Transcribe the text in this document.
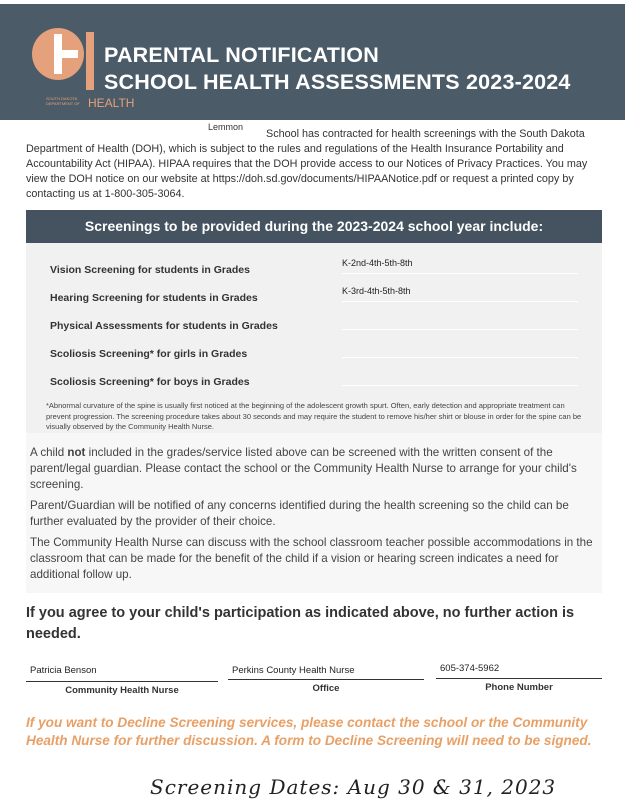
SOUTH DAKOTA DEPARTMENT OF HEALTH
PARENTAL NOTIFICATION
SCHOOL HEALTH ASSESSMENTS 2023-2024
Lemmon

School has contracted for health screenings with the South Dakota Department of Health (DOH), which is subject to the rules and regulations of the Health Insurance Portability and Accountability Act (HIPAA). HIPAA requires that the DOH provide access to our Notices of Privacy Practices. You may view the DOH notice on our website at https://doh.sd.gov/documents/HIPAANotice.pdf or request a printed copy by contacting us at 1-800-305-3064.

Screenings to be provided during the 2023-2024 school year include:
Vision Screening for students in Grades
K-2nd-4th-5th-8th
Hearing Screening for students in Grades
K-3rd-4th-5th-8th
Physical Assessments for students in Grades
Scoliosis Screening* for girls in Grades
Scoliosis Screening* for boys in Grades
*Abnormal curvature of the spine is usually first noticed at the beginning of the adolescent growth spurt. Often, early detection and appropriate treatment can prevent progression. The screening procedure takes about 30 seconds and may require the student to remove his/her shirt or blouse in order for the spine can be visually observed by the Community Health Nurse.
A child not included in the grades/service listed above can be screened with the written consent of the parent/legal guardian. Please contact the school or the Community Health Nurse to arrange for your child's screening.
Parent/Guardian will be notified of any concerns identified during the health screening so the child can be further evaluated by the provider of their choice.
The Community Health Nurse can discuss with the school classroom teacher possible accommodations in the classroom that can be made for the benefit of the child if a vision or hearing screen indicates a need for additional follow up.
If you agree to your child's participation as indicated above, no further action is needed.
Patricia Benson
Community Health Nurse
Perkins County Health Nurse
Office
605-374-5962
Phone Number
If you want to Decline Screening services, please contact the school or the Community Health Nurse for further discussion. A form to Decline Screening will need to be signed.
Screening Dates: Aug 30 & 31, 2023
